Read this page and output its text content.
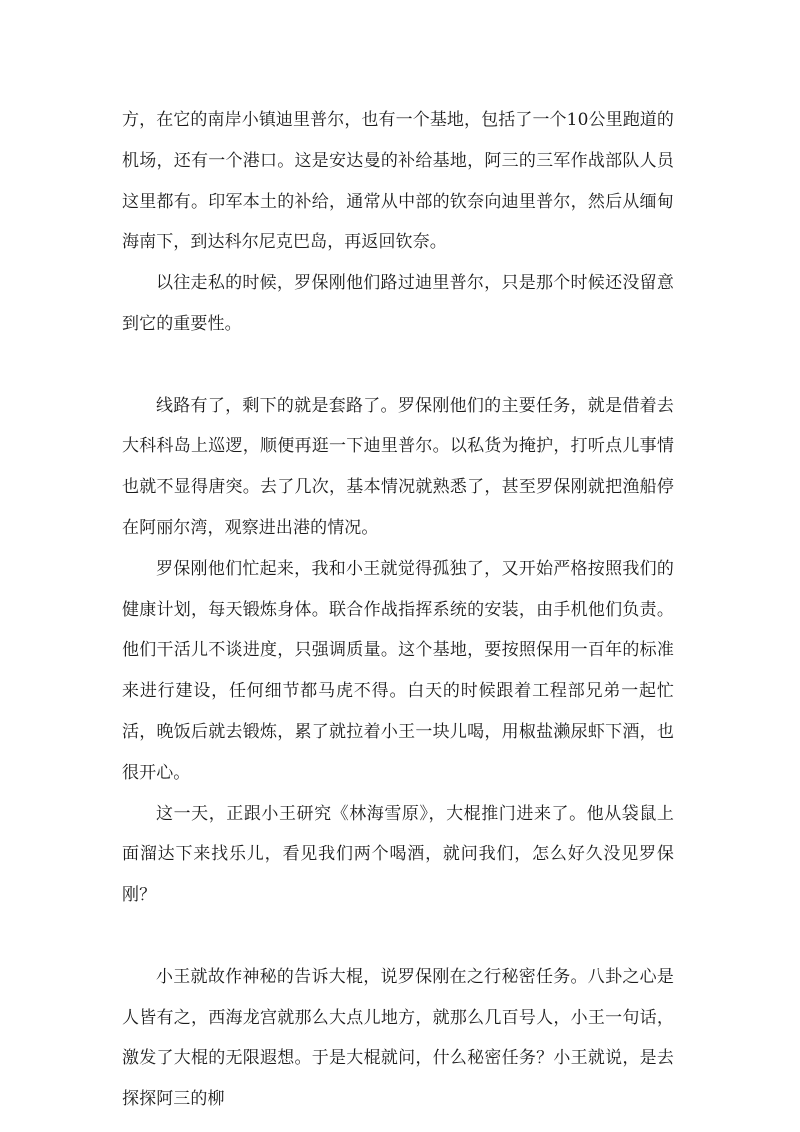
方，在它的南岸小镇迪里普尔，也有一个基地，包括了一个10公里跑道的机场，还有一个港口。这是安达曼的补给基地，阿三的三军作战部队人员这里都有。印军本土的补给，通常从中部的钦奈向迪里普尔，然后从缅甸海南下，到达科尔尼克巴岛，再返回钦奈。

以往走私的时候，罗保刚他们路过迪里普尔，只是那个时候还没留意到它的重要性。

线路有了，剩下的就是套路了。罗保刚他们的主要任务，就是借着去大科科岛上巡逻，顺便再逛一下迪里普尔。以私货为掩护，打听点儿事情也就不显得唐突。去了几次，基本情况就熟悉了，甚至罗保刚就把渔船停在阿丽尔湾，观察进出港的情况。

罗保刚他们忙起来，我和小王就觉得孤独了，又开始严格按照我们的健康计划，每天锻炼身体。联合作战指挥系统的安装，由手机他们负责。他们干活儿不谈进度，只强调质量。这个基地，要按照保用一百年的标准来进行建设，任何细节都马虎不得。白天的时候跟着工程部兄弟一起忙活，晚饭后就去锻炼，累了就拉着小王一块儿喝，用椒盐濑尿虾下酒，也很开心。

这一天，正跟小王研究《林海雪原》，大棍推门进来了。他从袋鼠上面溜达下来找乐儿，看见我们两个喝酒，就问我们，怎么好久没见罗保刚？

小王就故作神秘的告诉大棍，说罗保刚在之行秘密任务。八卦之心是人皆有之，西海龙宫就那么大点儿地方，就那么几百号人，小王一句话，激发了大棍的无限遐想。于是大棍就问，什么秘密任务？小王就说，是去探探阿三的柳
